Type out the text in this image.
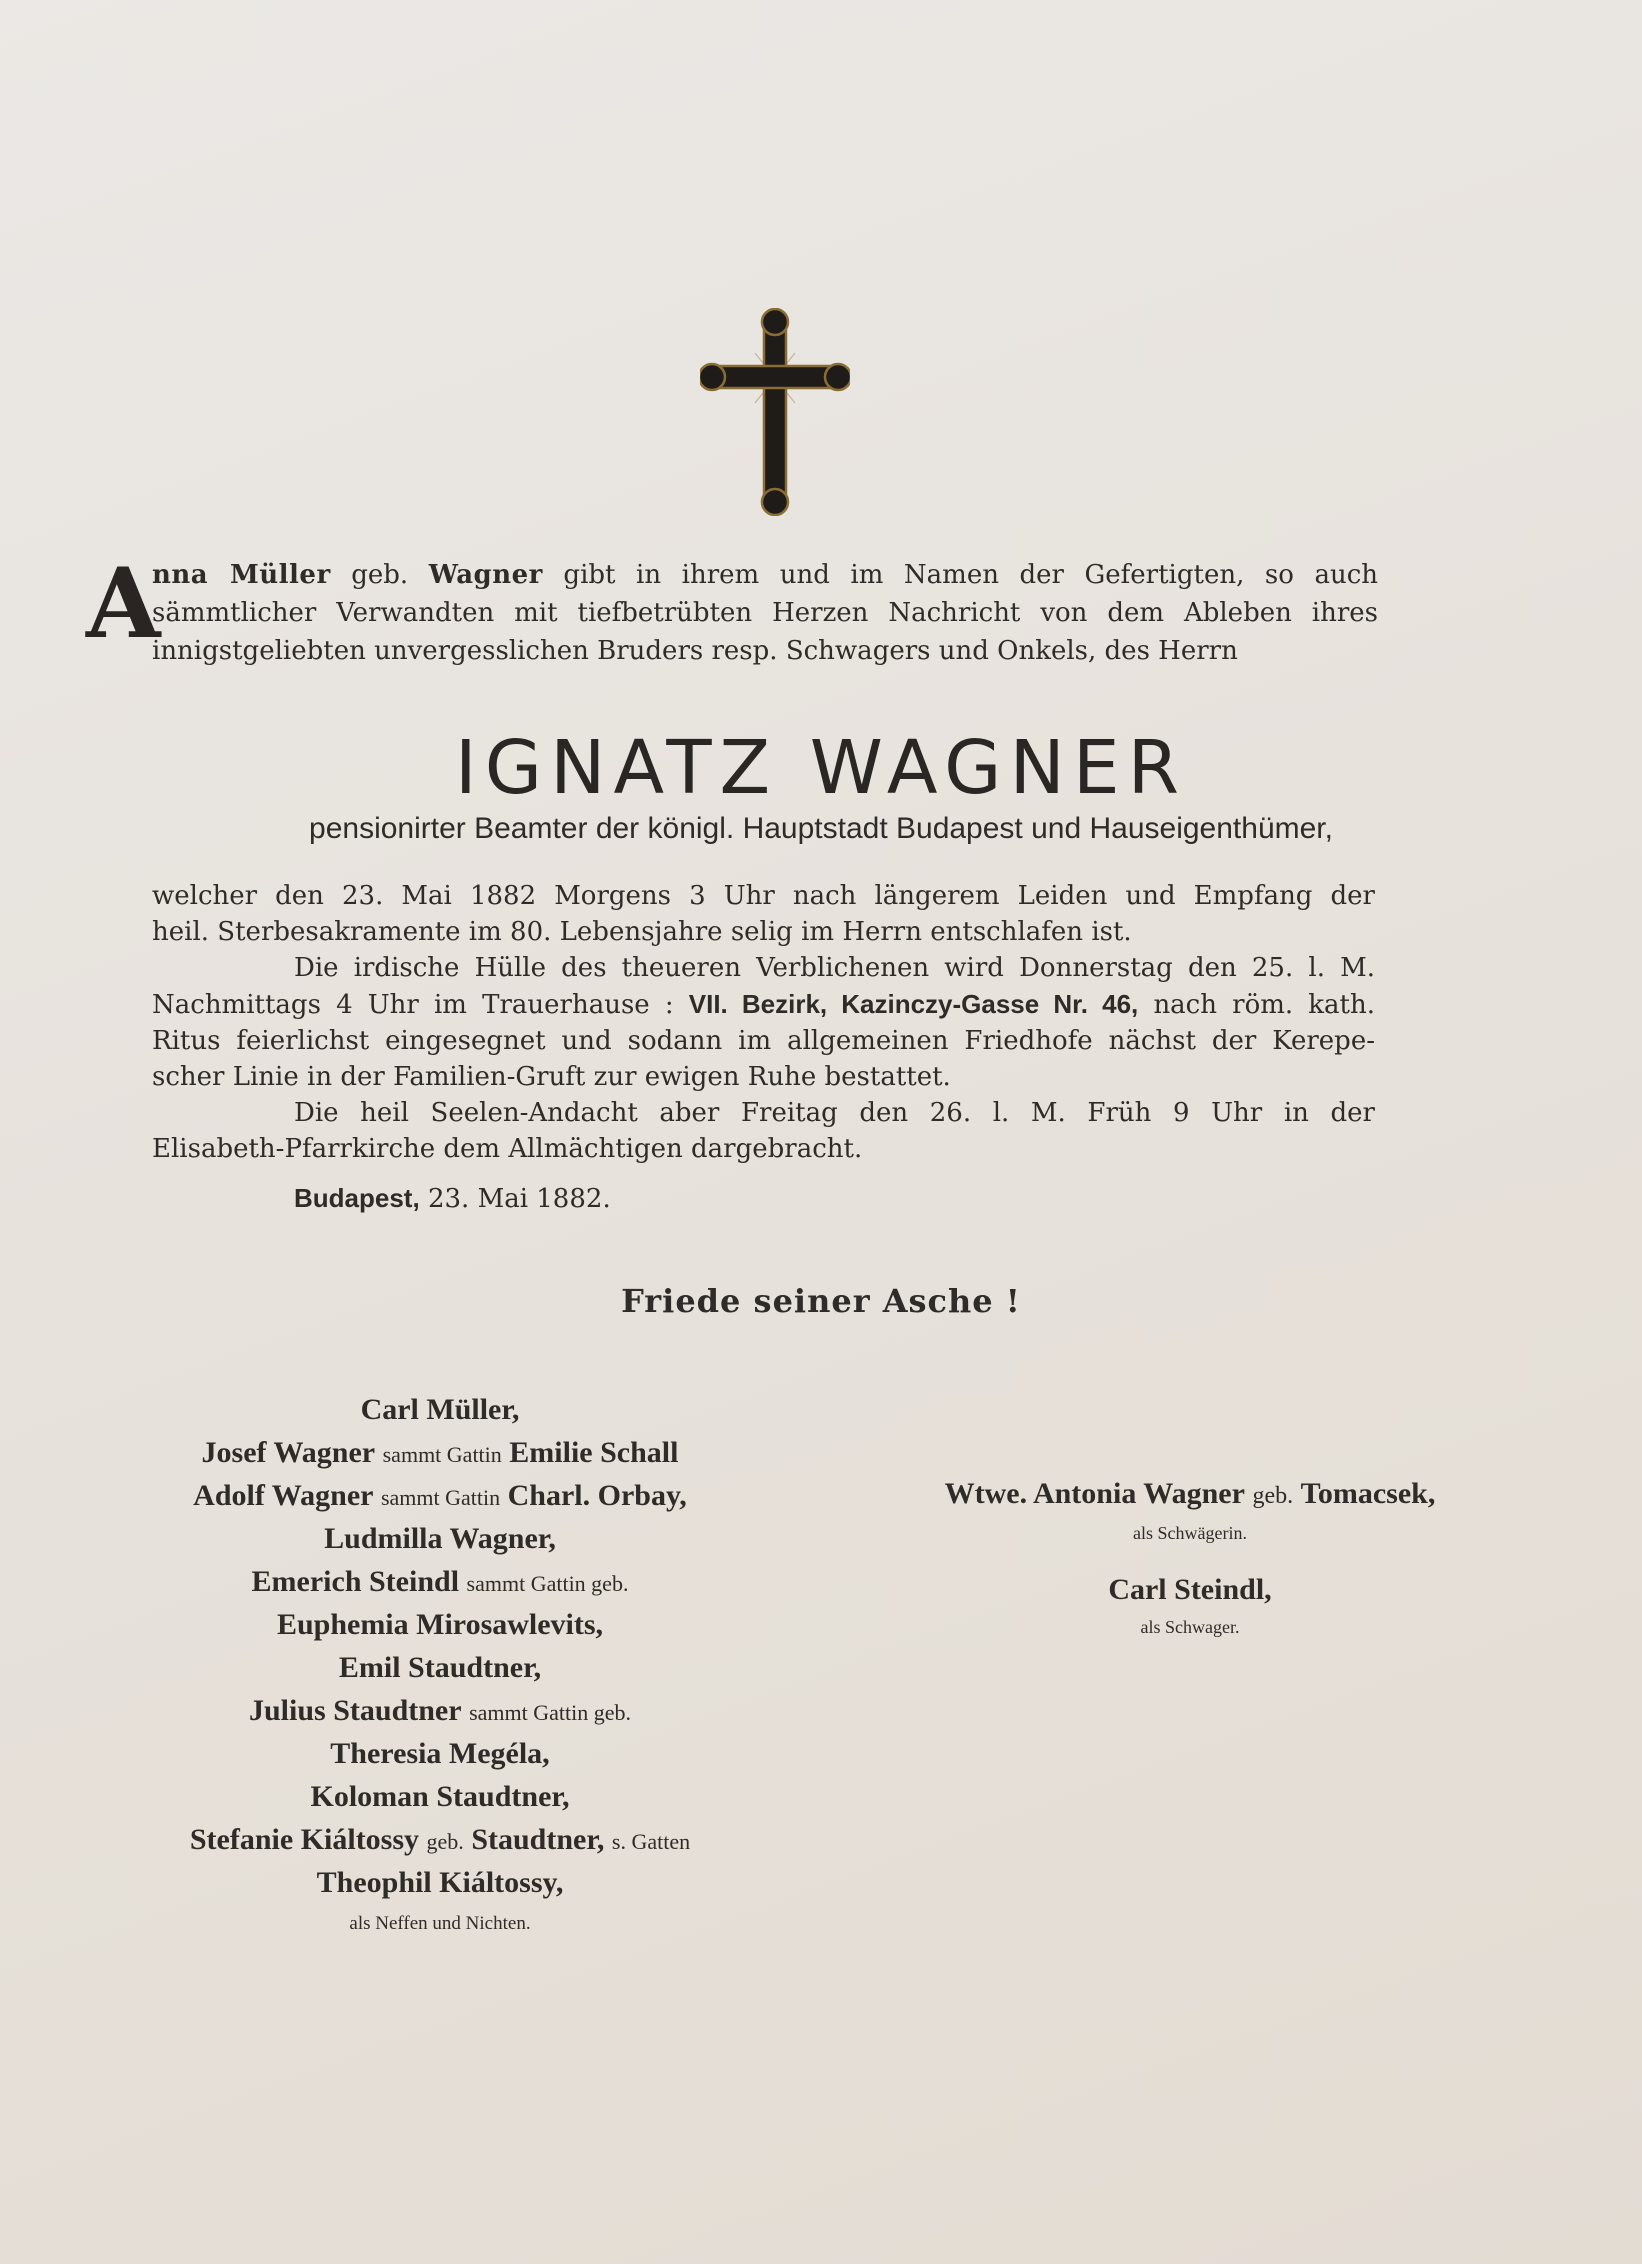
A
nna Müller geb. Wagner gibt in ihrem und im Namen der Gefertigten, so auch
sämmtlicher Verwandten mit tiefbetrübten Herzen Nachricht von dem Ableben ihres
innigstgeliebten unvergesslichen Bruders resp. Schwagers und Onkels, des Herrn
IGNATZ WAGNER
pensionirter Beamter der königl. Hauptstadt Budapest und Hauseigenthümer,
welcher den 23. Mai 1882 Morgens 3 Uhr nach längerem Leiden und Empfang der
heil. Sterbesakramente im 80. Lebensjahre selig im Herrn entschlafen ist.
Die irdische Hülle des theueren Verblichenen wird Donnerstag den 25. l. M.
Nachmittags 4 Uhr im Trauerhause : VII. Bezirk, Kazinczy-Gasse Nr. 46, nach röm. kath.
Ritus feierlichst eingesegnet und sodann im allgemeinen Friedhofe nächst der Kerepe-
scher Linie in der Familien-Gruft zur ewigen Ruhe bestattet.
Die heil Seelen-Andacht aber Freitag den 26. l. M. Früh 9 Uhr in der
Elisabeth-Pfarrkirche dem Allmächtigen dargebracht.
Budapest, 23. Mai 1882.
Friede seiner Asche !
Carl Müller,
Josef Wagner sammt Gattin Emilie Schall
Adolf Wagner sammt Gattin Charl. Orbay,
Ludmilla Wagner,
Emerich Steindl sammt Gattin geb.
Euphemia Mirosawlevits,
Emil Staudtner,
Julius Staudtner sammt Gattin geb.
Theresia Megéla,
Koloman Staudtner,
Stefanie Kiáltossy geb. Staudtner, s. Gatten
Theophil Kiáltossy,
als Neffen und Nichten.
Wtwe. Antonia Wagner geb. Tomacsek,
als Schwägerin.
Carl Steindl,
als Schwager.
